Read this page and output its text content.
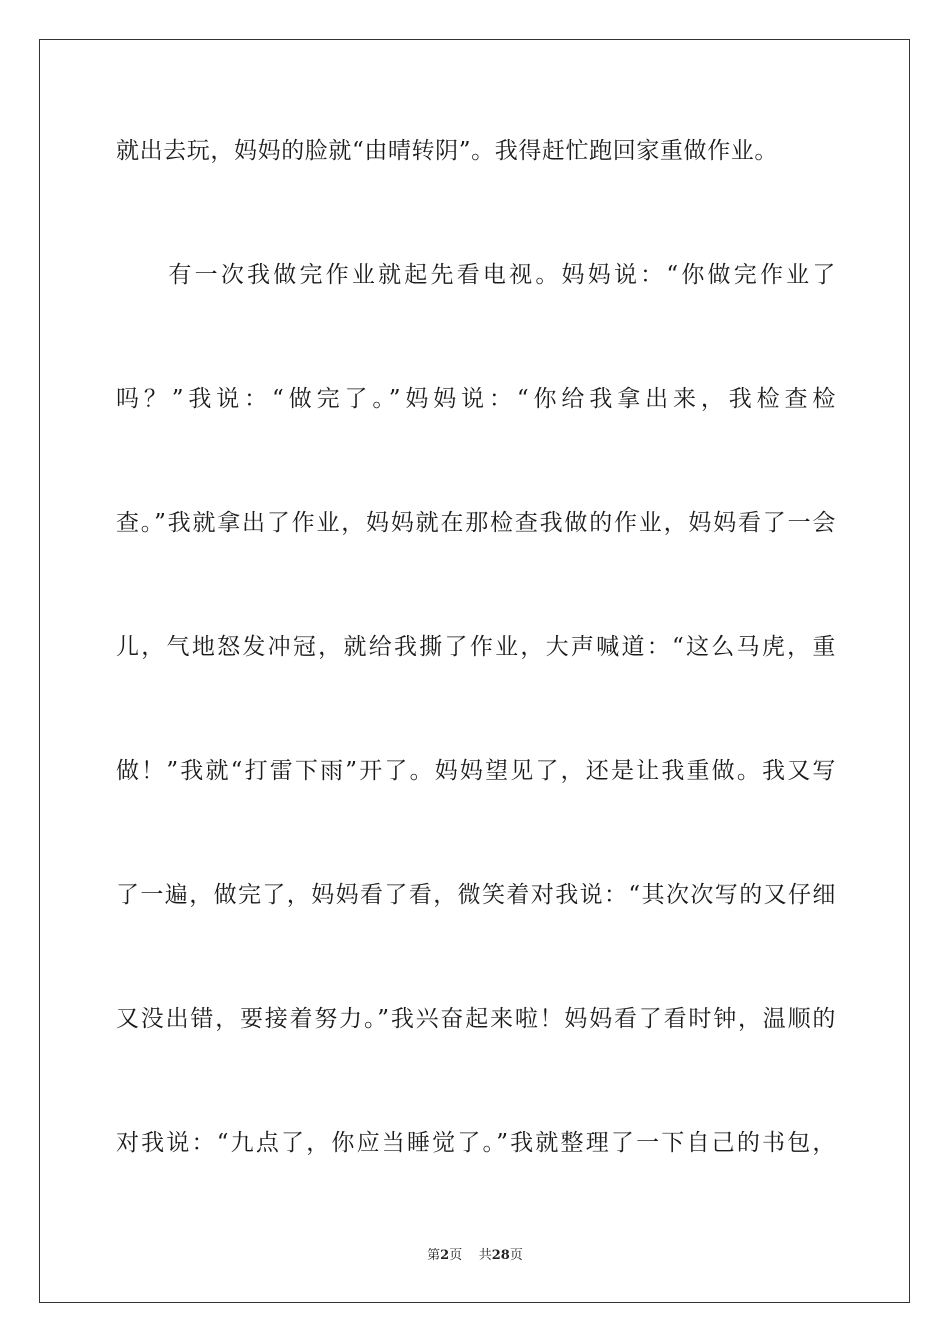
就出去玩，妈妈的脸就“由晴转阴”。我得赶忙跑回家重做作业。
　　有一次我做完作业就起先看电视。妈妈说：“你做完作业了
吗？”我说：“做完了。”妈妈说：“你给我拿出来，我检查检
查。”我就拿出了作业，妈妈就在那检查我做的作业，妈妈看了一会
儿，气地怒发冲冠，就给我撕了作业，大声喊道：“这么马虎，重
做！”我就“打雷下雨”开了。妈妈望见了，还是让我重做。我又写
了一遍，做完了，妈妈看了看，微笑着对我说：“其次次写的又仔细
又没出错，要接着努力。”我兴奋起来啦！妈妈看了看时钟，温顺的
对我说：“九点了，你应当睡觉了。”我就整理了一下自己的书包，
第2页 共28页
